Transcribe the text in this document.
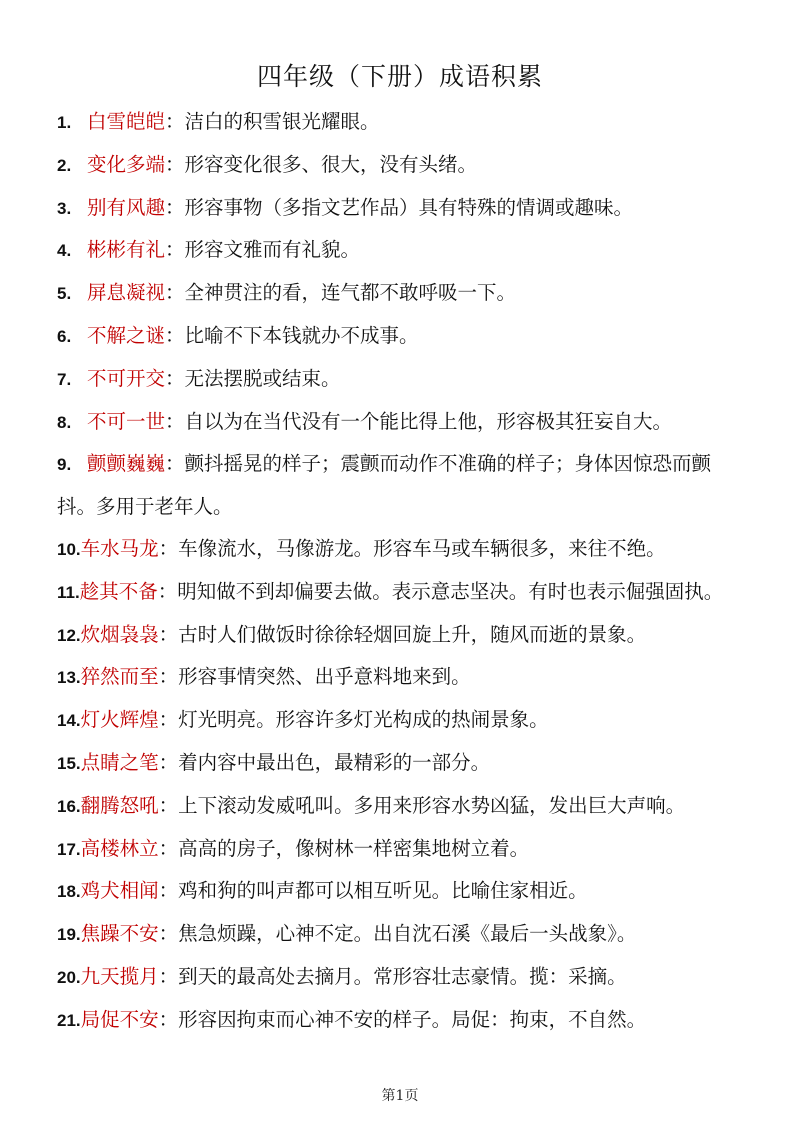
四年级（下册）成语积累

1. 白雪皑皑：洁白的积雪银光耀眼。

2. 变化多端：形容变化很多、很大，没有头绪。

3. 别有风趣：形容事物（多指文艺作品）具有特殊的情调或趣味。

4. 彬彬有礼：形容文雅而有礼貌。

5. 屏息凝视：全神贯注的看，连气都不敢呼吸一下。

6. 不解之谜：比喻不下本钱就办不成事。

7. 不可开交：无法摆脱或结束。

8. 不可一世：自以为在当代没有一个能比得上他，形容极其狂妄自大。

9. 颤颤巍巍：颤抖摇晃的样子；震颤而动作不准确的样子；身体因惊恐而颤抖。多用于老年人。

10.车水马龙：车像流水，马像游龙。形容车马或车辆很多，来往不绝。

11.趁其不备：明知做不到却偏要去做。表示意志坚决。有时也表示倔强固执。

12.炊烟袅袅：古时人们做饭时徐徐轻烟回旋上升，随风而逝的景象。

13.猝然而至：形容事情突然、出乎意料地来到。

14.灯火辉煌：灯光明亮。形容许多灯光构成的热闹景象。

15.点睛之笔：着内容中最出色，最精彩的一部分。

16.翻腾怒吼：上下滚动发威吼叫。多用来形容水势凶猛，发出巨大声响。

17.高楼林立：高高的房子，像树林一样密集地树立着。

18.鸡犬相闻：鸡和狗的叫声都可以相互听见。比喻住家相近。

19.焦躁不安：焦急烦躁，心神不定。出自沈石溪《最后一头战象》。

20.九天揽月：到天的最高处去摘月。常形容壮志豪情。揽：采摘。

21.局促不安：形容因拘束而心神不安的样子。局促：拘束，不自然。

第1页
